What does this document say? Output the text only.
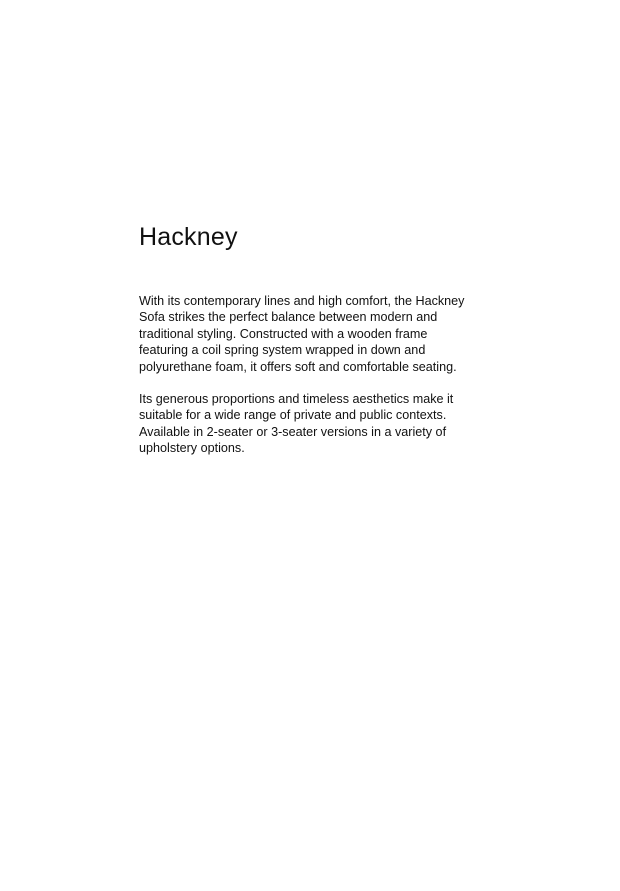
Hackney

With its contemporary lines and high comfort, the Hackney
Sofa strikes the perfect balance between modern and
traditional styling. Constructed with a wooden frame
featuring a coil spring system wrapped in down and
polyurethane foam, it offers soft and comfortable seating.

Its generous proportions and timeless aesthetics make it
suitable for a wide range of private and public contexts.
Available in 2-seater or 3-seater versions in a variety of
upholstery options.
